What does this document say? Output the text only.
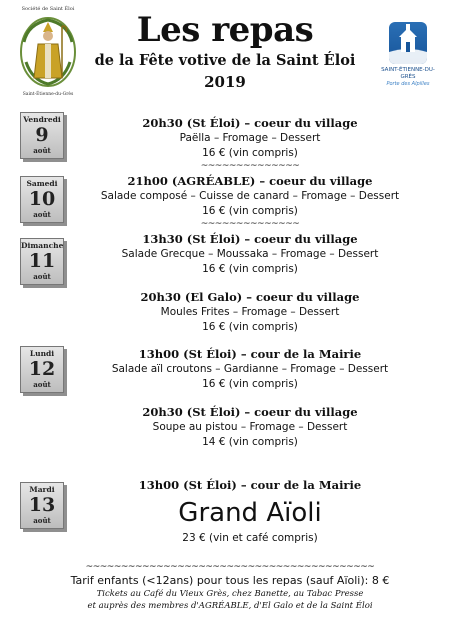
Société de Saint Éloi
Saint-Étienne-du-Grès
Les repas
de la Fête votive de la Saint Éloi
2019
SAINT-ÉTIENNE-DU-GRÈS
Porte des Alpilles
Vendredi
9
août
Samedi
10
août
Dimanche
11
août
Lundi
12
août
Mardi
13
août
20h30 (St Éloi) – coeur du village
Paëlla – Fromage – Dessert
16 € (vin compris)
~~~~~~~~~~~~~~
21h00 (AGRÉABLE) – coeur du village
Salade composé – Cuisse de canard – Fromage – Dessert
16 € (vin compris)
~~~~~~~~~~~~~~
13h30 (St Éloi) – coeur du village
Salade Grecque – Moussaka – Fromage – Dessert
16 € (vin compris)
20h30 (El Galo) – coeur du village
Moules Frites – Fromage – Dessert
16 € (vin compris)
13h00 (St Éloi) – cour de la Mairie
Salade aïl croutons – Gardianne – Fromage – Dessert
16 € (vin compris)
20h30 (St Éloi) – coeur du village
Soupe au pistou – Fromage – Dessert
14 € (vin compris)
13h00 (St Éloi) – cour de la Mairie
Grand Aïoli
23 € (vin et café compris)
~~~~~~~~~~~~~~~~~~~~~~~~~~~~~~~~~~~~~~~~~
Tarif enfants (<12ans) pour tous les repas (sauf Aïoli): 8 €
Tickets au Café du Vieux Grès, chez Banette, au Tabac Presse
et auprès des membres d'AGRÉABLE, d'El Galo et de la Saint Éloi
